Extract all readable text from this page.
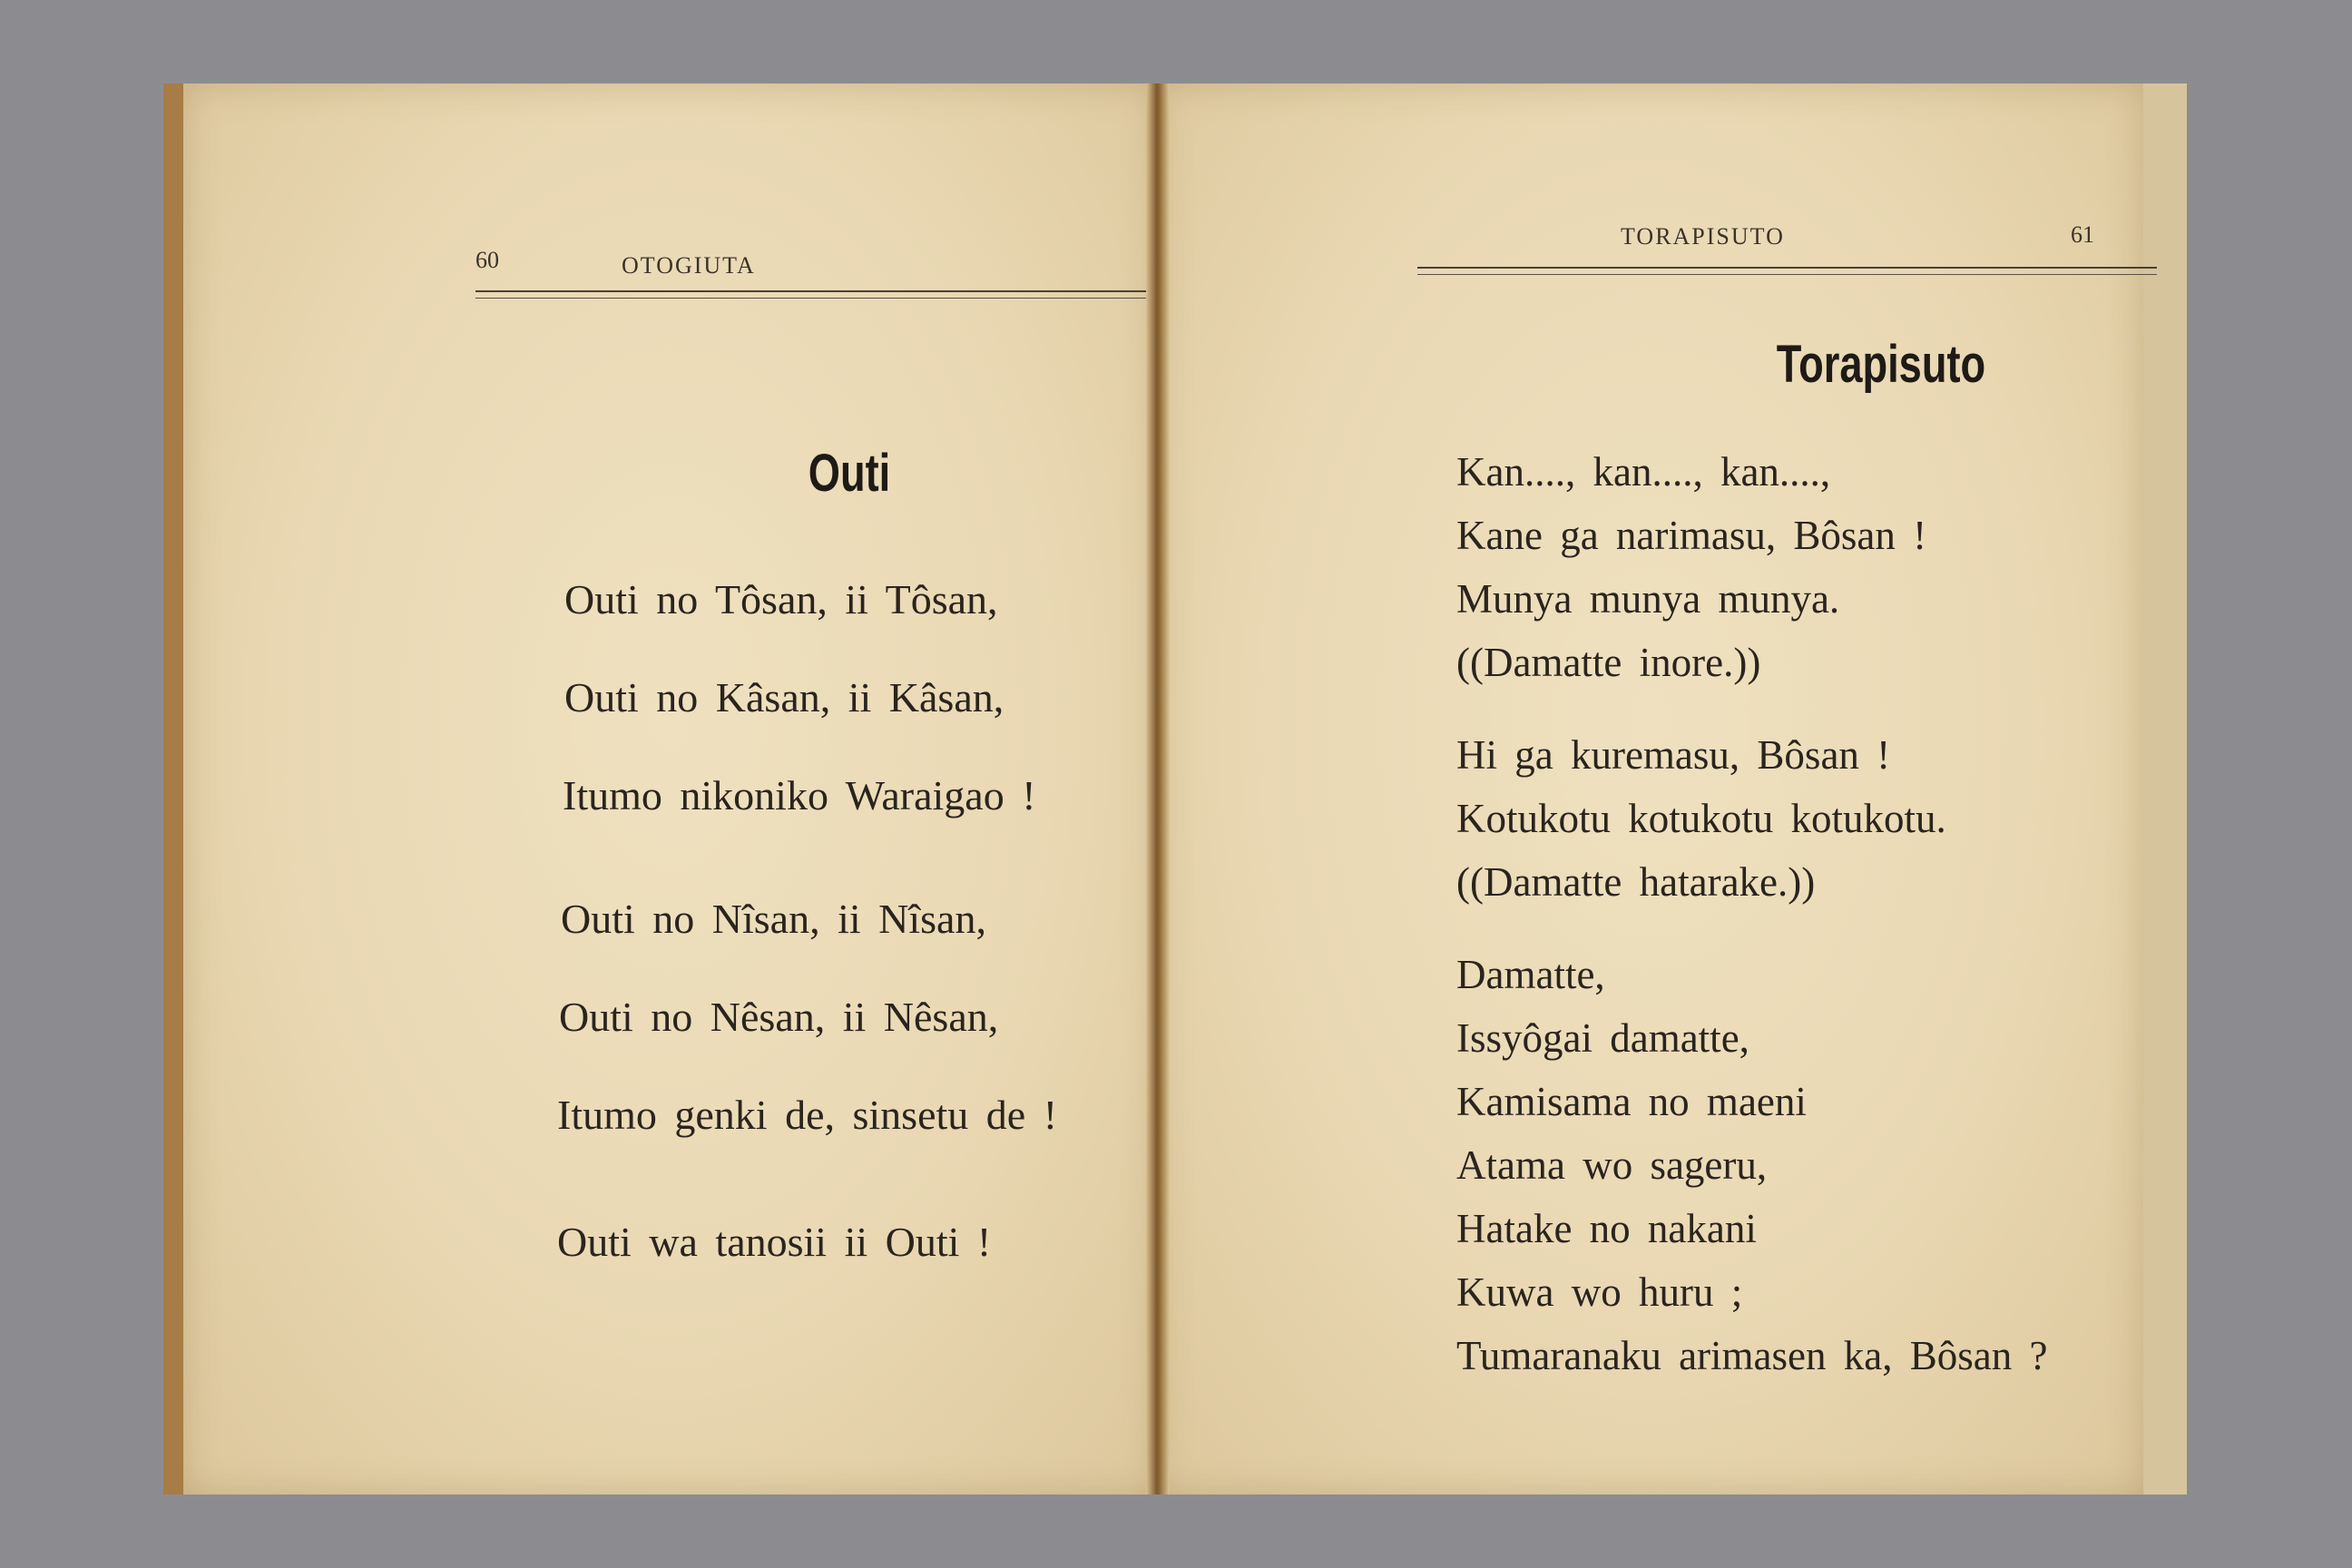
60	OTOGIUTA
Outi
Outi no Tôsan, ii Tôsan,
Outi no Kâsan, ii Kâsan,
Itumo nikoniko Waraigao !
Outi no Nîsan, ii Nîsan,
Outi no Nêsan, ii Nêsan,
Itumo genki de, sinsetu de !
Outi wa tanosii ii Outi !
TORAPISUTO	61
Torapisuto
Kan...., kan...., kan....,
Kane ga narimasu, Bôsan !
Munya munya munya.
((Damatte inore.))
Hi ga kuremasu, Bôsan !
Kotukotu kotukotu kotukotu.
((Damatte hatarake.))
Damatte,
Issyôgai damatte,
Kamisama no maeni
Atama wo sageru,
Hatake no nakani
Kuwa wo huru ;
Tumaranaku arimasen ka, Bôsan ?
